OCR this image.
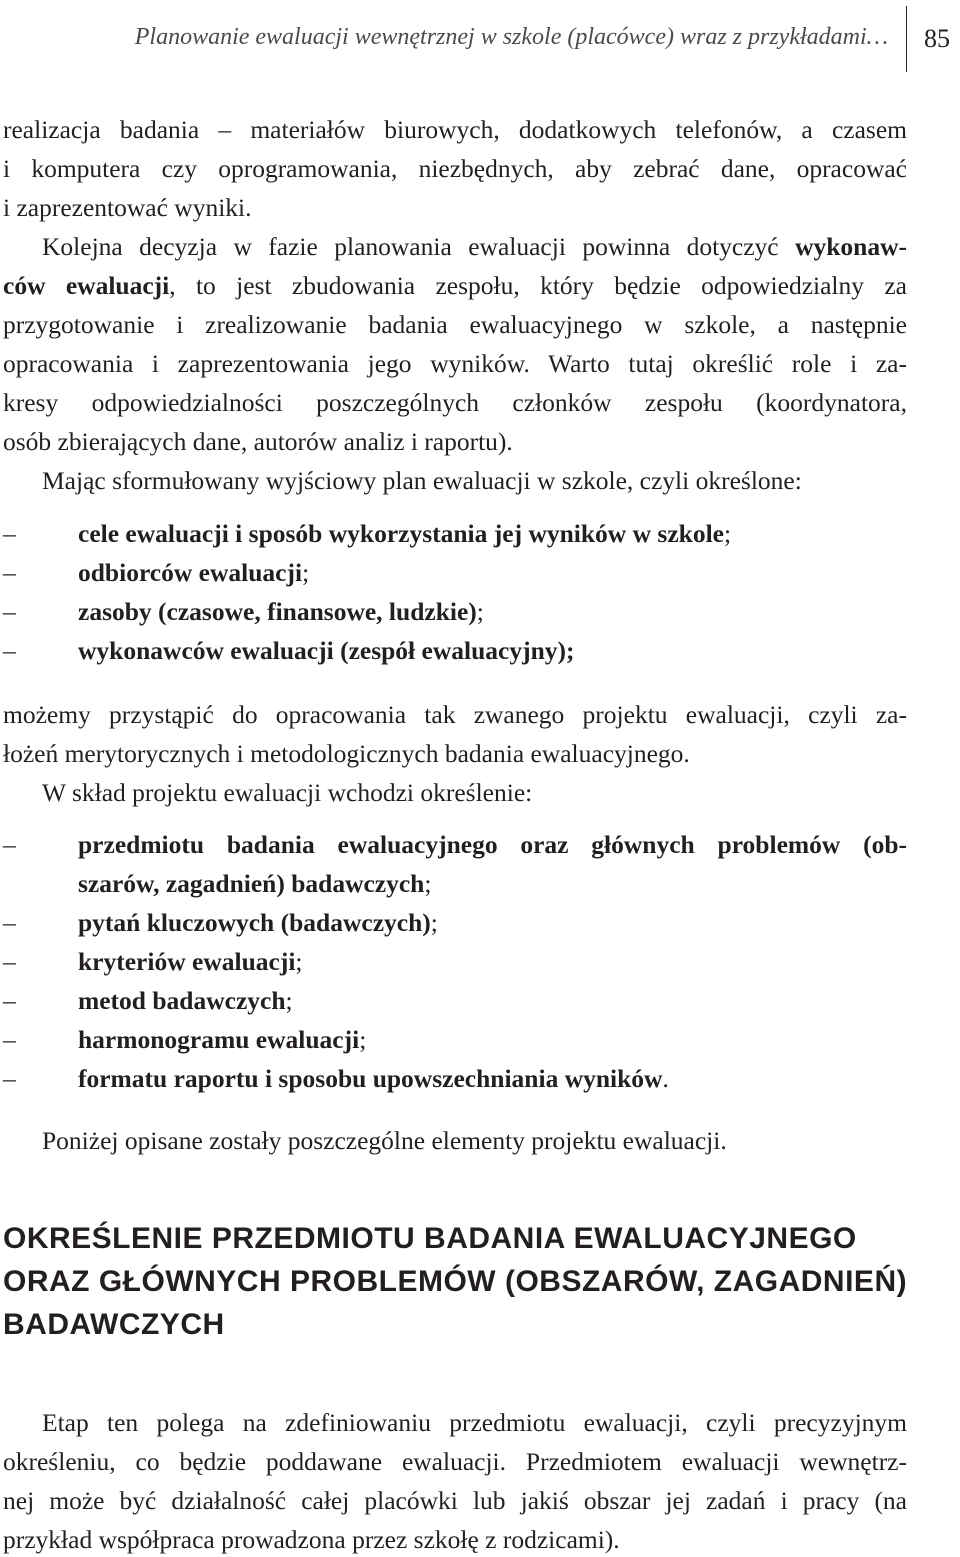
Planowanie ewaluacji wewnętrznej w szkole (placówce) wraz z przykładami… 85
realizacja badania – materiałów biurowych, dodatkowych telefonów, a czasem
i komputera czy oprogramowania, niezbędnych, aby zebrać dane, opracować
i zaprezentować wyniki.
Kolejna decyzja w fazie planowania ewaluacji powinna dotyczyć wykonaw-
ców ewaluacji, to jest zbudowania zespołu, który będzie odpowiedzialny za
przygotowanie i zrealizowanie badania ewaluacyjnego w szkole, a następnie
opracowania i zaprezentowania jego wyników. Warto tutaj określić role i za-
kresy odpowiedzialności poszczególnych członków zespołu (koordynatora,
osób zbierających dane, autorów analiz i raportu).
Mając sformułowany wyjściowy plan ewaluacji w szkole, czyli określone:
– cele ewaluacji i sposób wykorzystania jej wyników w szkole;
– odbiorców ewaluacji;
– zasoby (czasowe, finansowe, ludzkie);
– wykonawców ewaluacji (zespół ewaluacyjny);
możemy przystąpić do opracowania tak zwanego projektu ewaluacji, czyli za-
łożeń merytorycznych i metodologicznych badania ewaluacyjnego.
W skład projektu ewaluacji wchodzi określenie:
– przedmiotu badania ewaluacyjnego oraz głównych problemów (ob-
szarów, zagadnień) badawczych;
– pytań kluczowych (badawczych);
– kryteriów ewaluacji;
– metod badawczych;
– harmonogramu ewaluacji;
– formatu raportu i sposobu upowszechniania wyników.
Poniżej opisane zostały poszczególne elementy projektu ewaluacji.
OKREŚLENIE PRZEDMIOTU BADANIA EWALUACYJNEGO
ORAZ GŁÓWNYCH PROBLEMÓW (OBSZARÓW, ZAGADNIEŃ)
BADAWCZYCH
Etap ten polega na zdefiniowaniu przedmiotu ewaluacji, czyli precyzyjnym
określeniu, co będzie poddawane ewaluacji. Przedmiotem ewaluacji wewnętrz-
nej może być działalność całej placówki lub jakiś obszar jej zadań i pracy (na
przykład współpraca prowadzona przez szkołę z rodzicami).
